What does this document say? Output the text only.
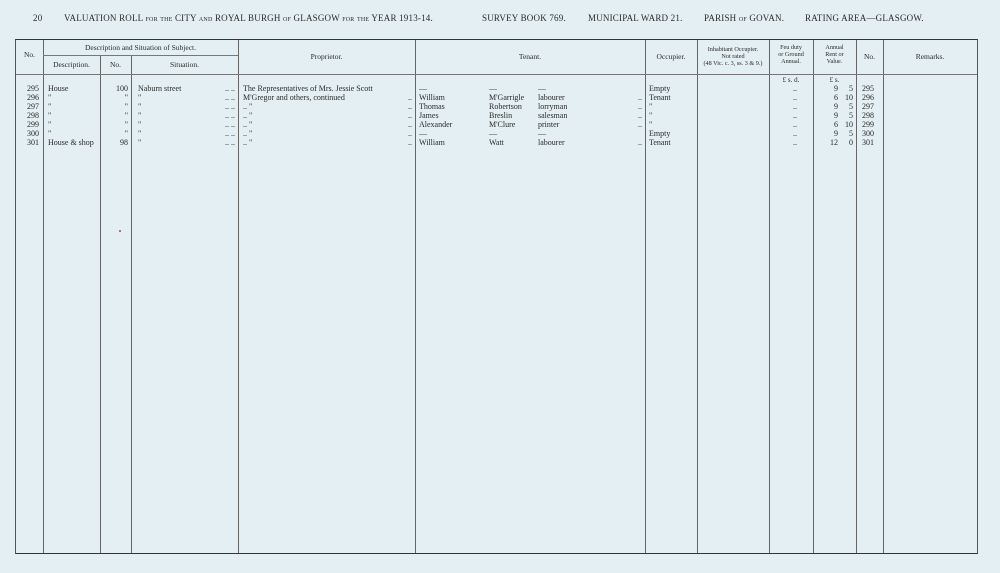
20 VALUATION ROLL for the CITY and ROYAL BURGH of GLASGOW for the YEAR 1913-14.	SURVEY BOOK 769. MUNICIPAL WARD 21. PARISH of GOVAN. RATING AREA—GLASGOW.
No.
Description and Situation of Subject.
Description.	No.	Situation.
Proprietor.	Tenant.	Occupier.
Inhabitant Occupier.
Not rated
(48 Vic. c. 3, ss. 3 & 9.)
Feu duty
or Ground
Annual.
Annual
Rent or
Value.
No.	Remarks.
£ s. d.	£ s.
295 House	100 Naburn street	.. .. The Representatives of Mrs. Jessie Scott	—	—	—	Empty	..	9	5 295
296 "	" "	.. .. M'Gregor and others, continued	.. William	M'Garrigle	labourer	.. Tenant	..	6 10 296
297 "	" "	.. .. .. "	.. Thomas	Robertson	lorryman	.. "	..	9	5 297
298 "	" "	.. .. .. "	.. James	Breslin	salesman	.. "	..	9	5 298
299 "	" "	.. .. .. "	.. Alexander	M'Clure	printer	.. "	..	6 10 299
300 "	" "	.. .. .. "	.. —	—	—	Empty	..	9	5 300
301 House & shop	98 "	.. .. .. "	.. William	Watt	labourer	.. Tenant	..	12	0 301
